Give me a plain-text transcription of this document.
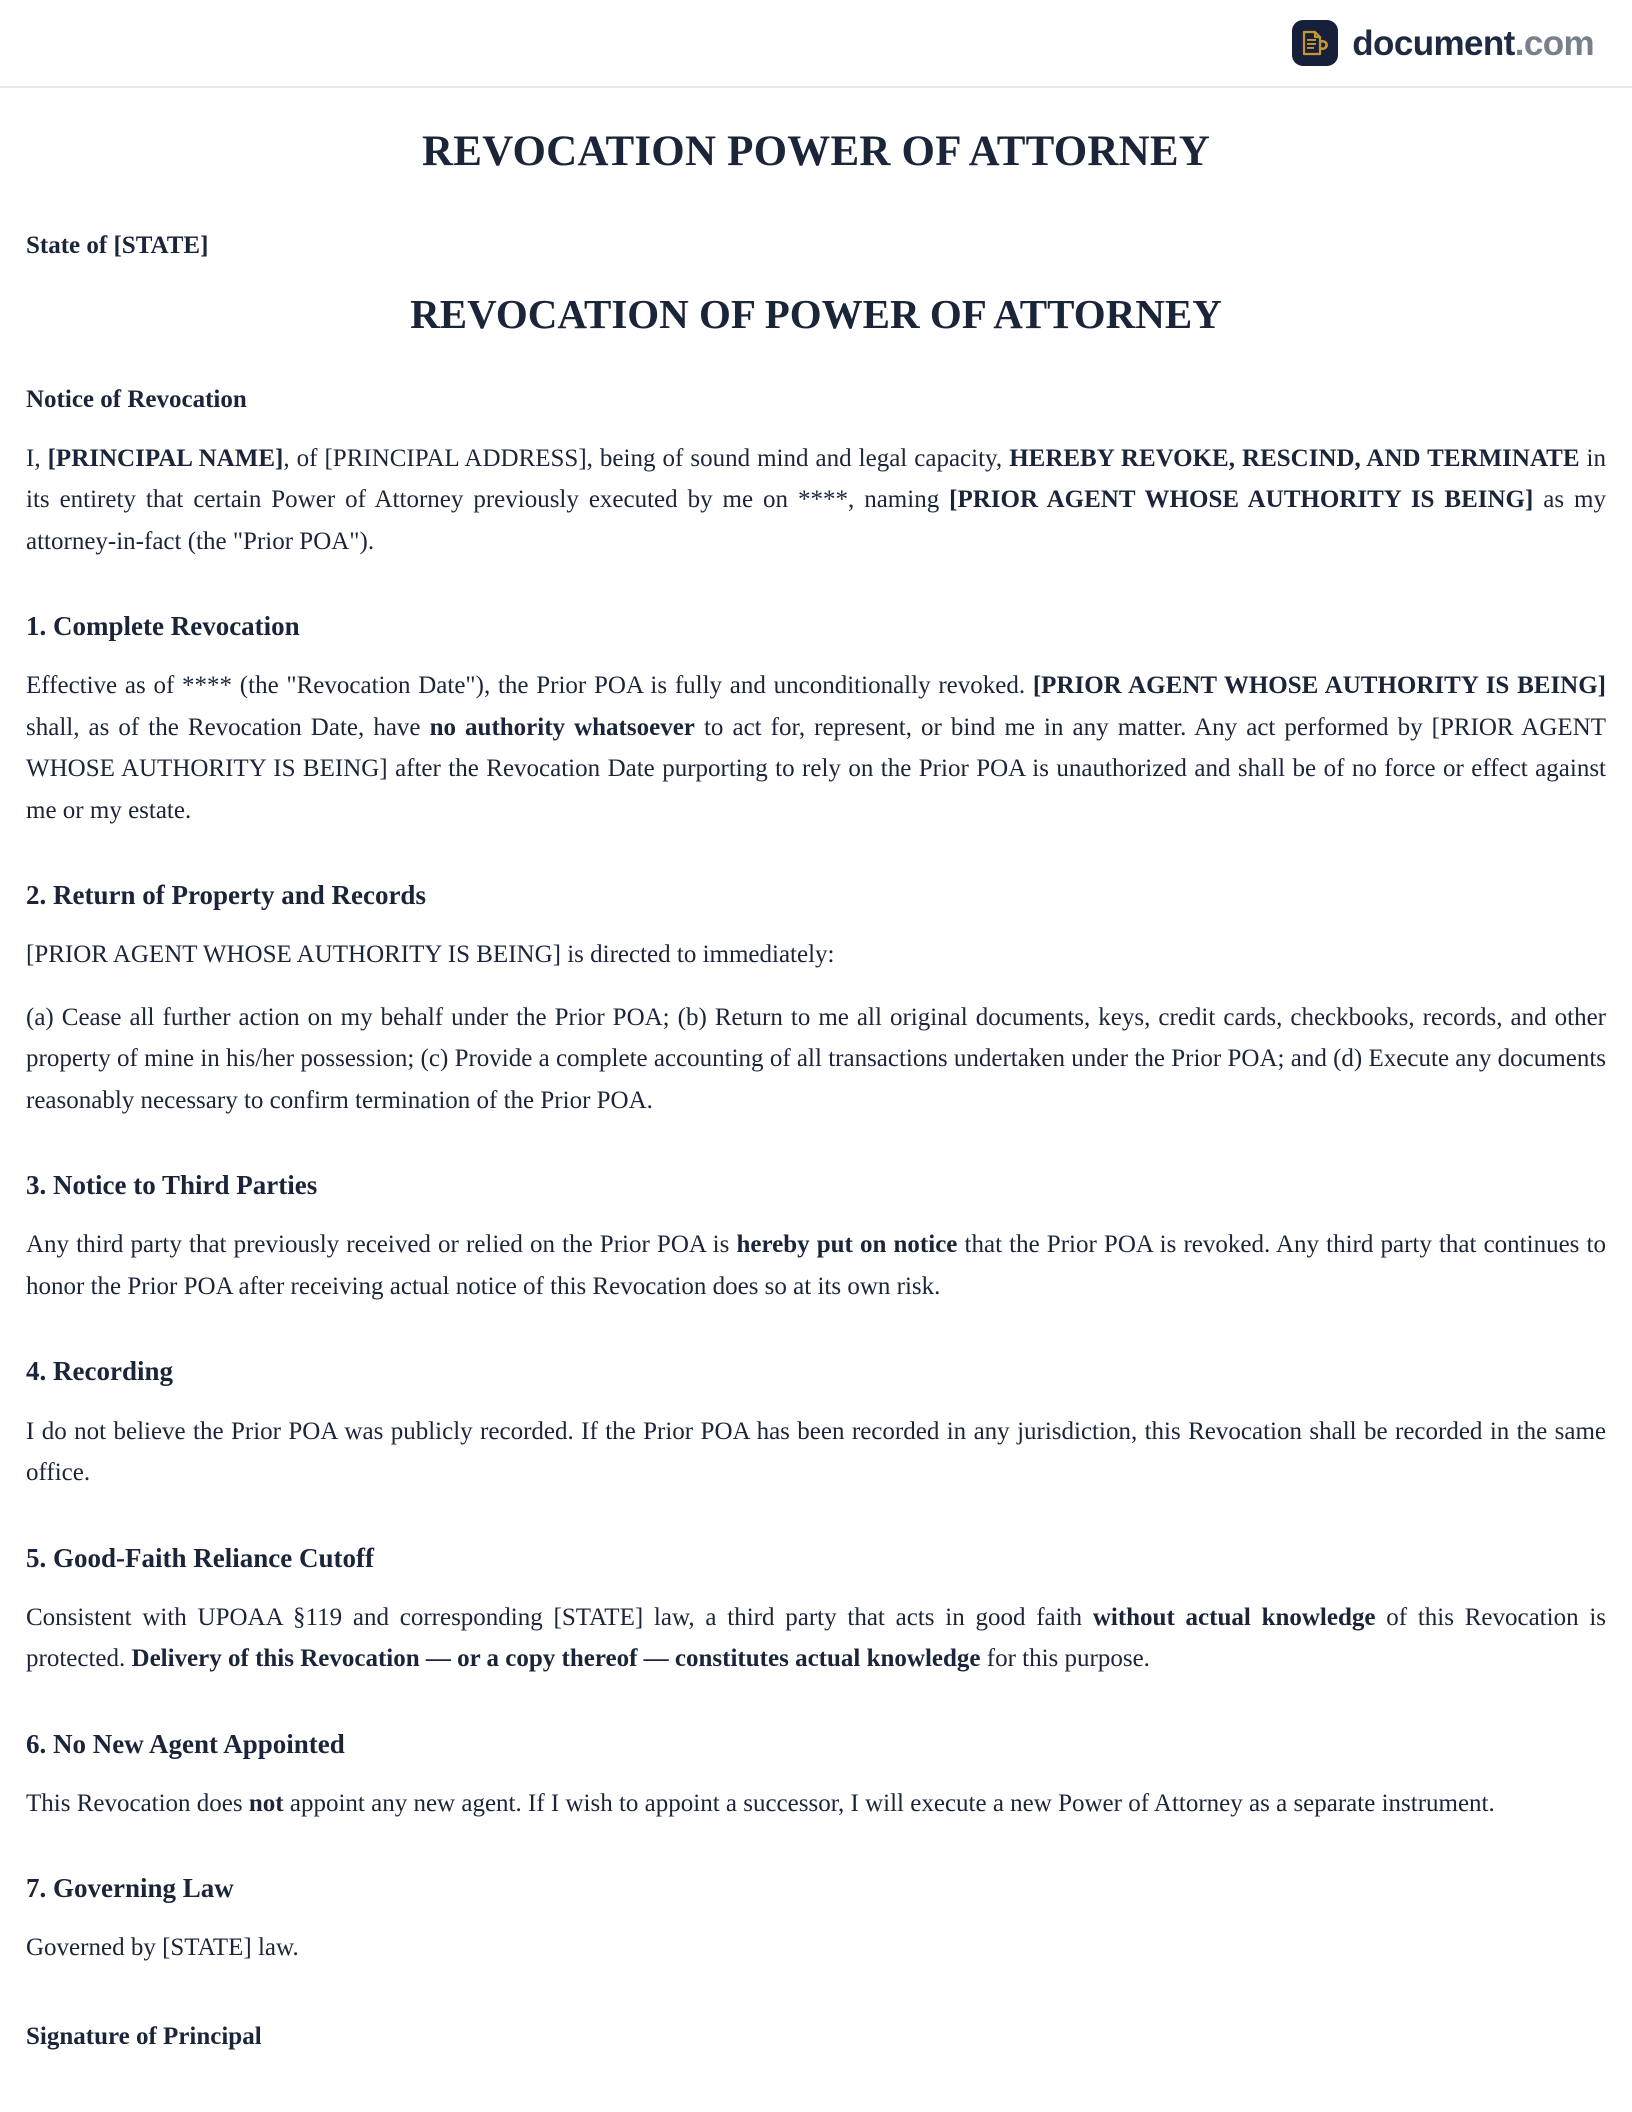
document.com
REVOCATION POWER OF ATTORNEY
State of [STATE]
REVOCATION OF POWER OF ATTORNEY
Notice of Revocation

I, [PRINCIPAL NAME], of [PRINCIPAL ADDRESS], being of sound mind and legal capacity, HEREBY REVOKE, RESCIND, AND TERMINATE in its entirety that certain Power of Attorney previously executed by me on ****, naming [PRIOR AGENT WHOSE AUTHORITY IS BEING] as my attorney-in-fact (the "Prior POA").

1. Complete Revocation

Effective as of **** (the "Revocation Date"), the Prior POA is fully and unconditionally revoked. [PRIOR AGENT WHOSE AUTHORITY IS BEING] shall, as of the Revocation Date, have no authority whatsoever to act for, represent, or bind me in any matter. Any act performed by [PRIOR AGENT WHOSE AUTHORITY IS BEING] after the Revocation Date purporting to rely on the Prior POA is unauthorized and shall be of no force or effect against me or my estate.

2. Return of Property and Records

[PRIOR AGENT WHOSE AUTHORITY IS BEING] is directed to immediately:

(a) Cease all further action on my behalf under the Prior POA; (b) Return to me all original documents, keys, credit cards, checkbooks, records, and other property of mine in his/her possession; (c) Provide a complete accounting of all transactions undertaken under the Prior POA; and (d) Execute any documents reasonably necessary to confirm termination of the Prior POA.

3. Notice to Third Parties

Any third party that previously received or relied on the Prior POA is hereby put on notice that the Prior POA is revoked. Any third party that continues to honor the Prior POA after receiving actual notice of this Revocation does so at its own risk.

4. Recording

I do not believe the Prior POA was publicly recorded. If the Prior POA has been recorded in any jurisdiction, this Revocation shall be recorded in the same office.

5. Good-Faith Reliance Cutoff

Consistent with UPOAA §119 and corresponding [STATE] law, a third party that acts in good faith without actual knowledge of this Revocation is protected. Delivery of this Revocation — or a copy thereof — constitutes actual knowledge for this purpose.

6. No New Agent Appointed

This Revocation does not appoint any new agent. If I wish to appoint a successor, I will execute a new Power of Attorney as a separate instrument.

7. Governing Law

Governed by [STATE] law.

Signature of Principal
